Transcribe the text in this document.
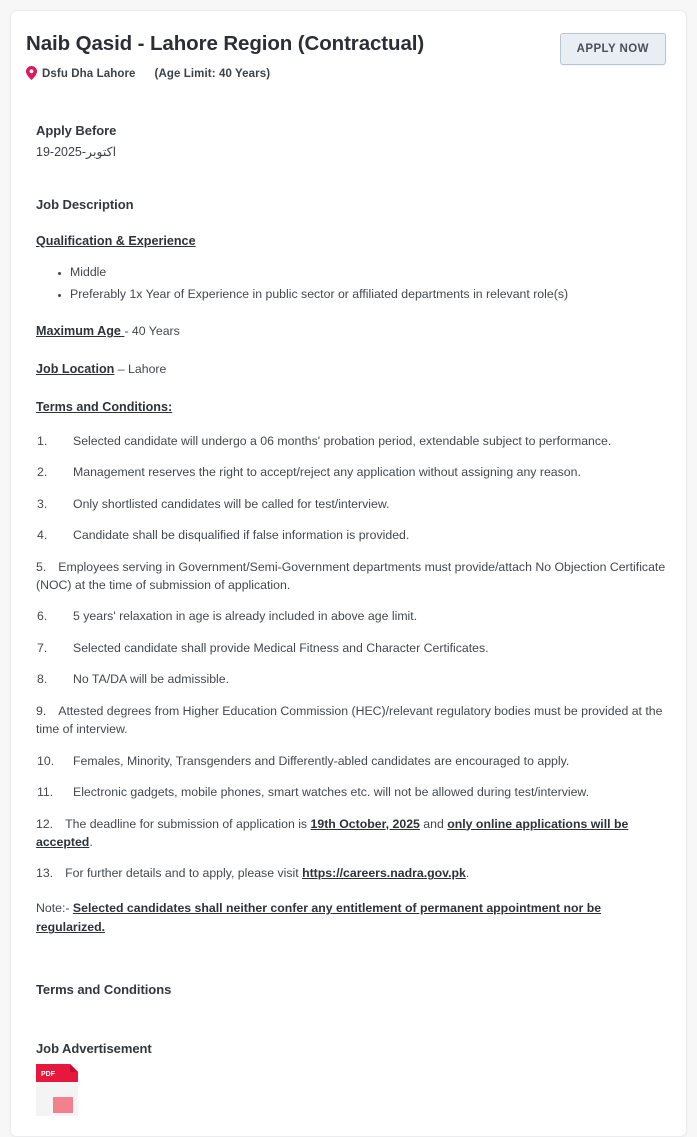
Naib Qasid - Lahore Region (Contractual)
Dsfu Dha Lahore (Age Limit: 40 Years)
APPLY NOW
Apply Before
19-اکتوبر-2025
Job Description
Qualification & Experience
• Middle
• Preferably 1x Year of Experience in public sector or affiliated departments in relevant role(s)
Maximum Age - 40 Years
Job Location – Lahore
Terms and Conditions:
Selected candidate will undergo a 06 months' probation period, extendable subject to performance.
Management reserves the right to accept/reject any application without assigning any reason.
Only shortlisted candidates will be called for test/interview.
Candidate shall be disqualified if false information is provided.
5. Employees serving in Government/Semi-Government departments must provide/attach No Objection Certificate (NOC) at the time of submission of application.
5 years' relaxation in age is already included in above age limit.
Selected candidate shall provide Medical Fitness and Character Certificates.
No TA/DA will be admissible.
9. Attested degrees from Higher Education Commission (HEC)/relevant regulatory bodies must be provided at the time of interview.
Females, Minority, Transgenders and Differently-abled candidates are encouraged to apply.
Electronic gadgets, mobile phones, smart watches etc. will not be allowed during test/interview.
12. The deadline for submission of application is 19th October, 2025 and only online applications will be accepted.
13. For further details and to apply, please visit https://careers.nadra.gov.pk.
Note:- Selected candidates shall neither confer any entitlement of permanent appointment nor be regularized.
Terms and Conditions
Job Advertisement
PDF
